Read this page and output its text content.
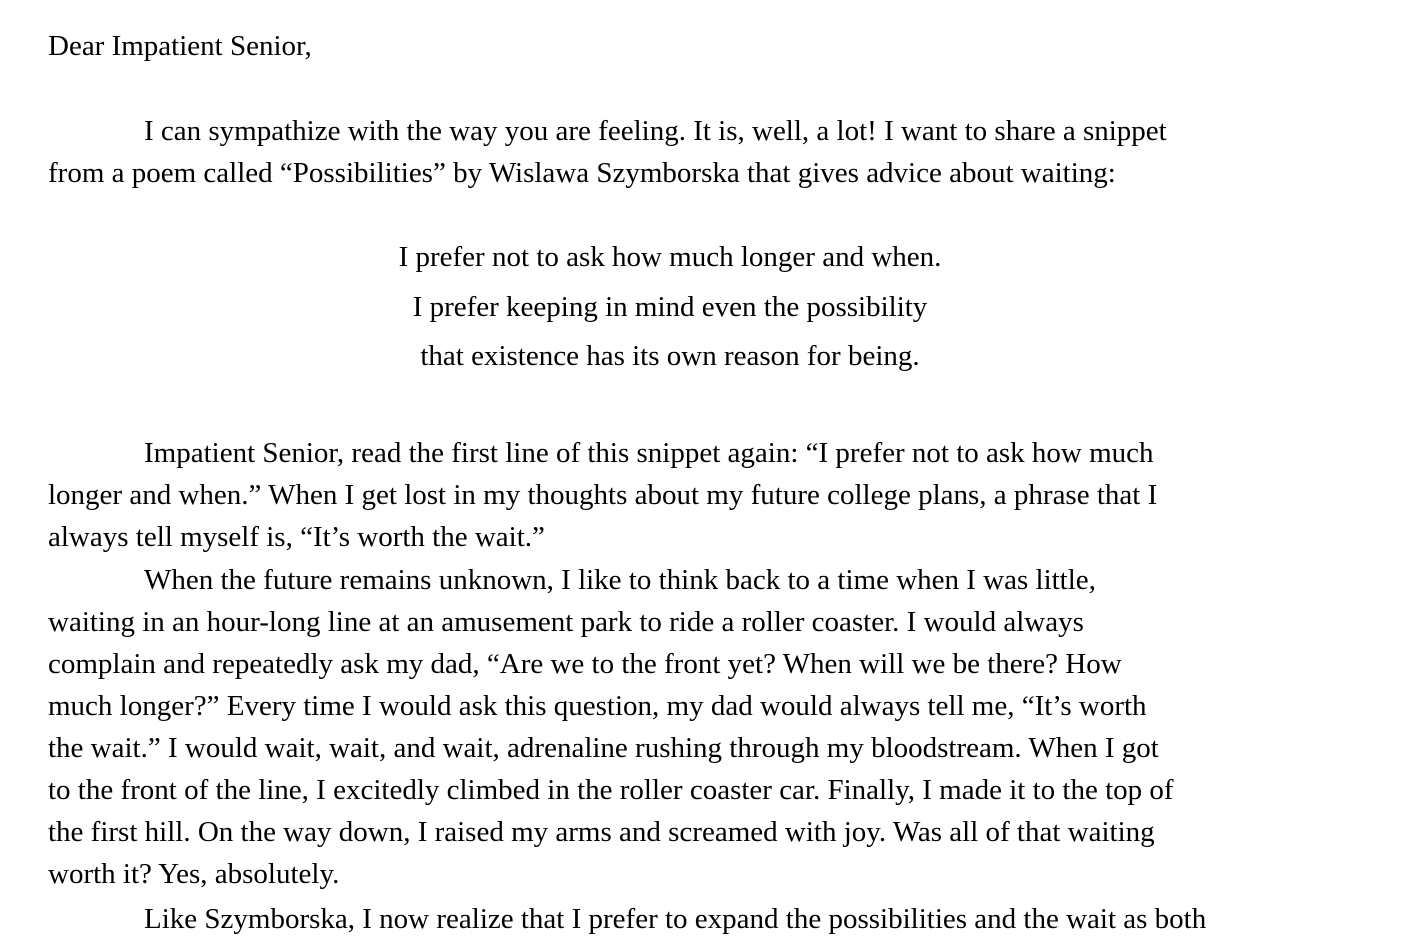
Dear Impatient Senior,

I can sympathize with the way you are feeling. It is, well, a lot! I want to share a snippet
from a poem called “Possibilities” by Wislawa Szymborska that gives advice about waiting:

I prefer not to ask how much longer and when.
I prefer keeping in mind even the possibility
that existence has its own reason for being.

Impatient Senior, read the first line of this snippet again: “I prefer not to ask how much
longer and when.” When I get lost in my thoughts about my future college plans, a phrase that I
always tell myself is, “It’s worth the wait.”

When the future remains unknown, I like to think back to a time when I was little,
waiting in an hour-long line at an amusement park to ride a roller coaster. I would always
complain and repeatedly ask my dad, “Are we to the front yet? When will we be there? How
much longer?” Every time I would ask this question, my dad would always tell me, “It’s worth
the wait.” I would wait, wait, and wait, adrenaline rushing through my bloodstream. When I got
to the front of the line, I excitedly climbed in the roller coaster car. Finally, I made it to the top of
the first hill. On the way down, I raised my arms and screamed with joy. Was all of that waiting
worth it? Yes, absolutely.

Like Szymborska, I now realize that I prefer to expand the possibilities and the wait as both
